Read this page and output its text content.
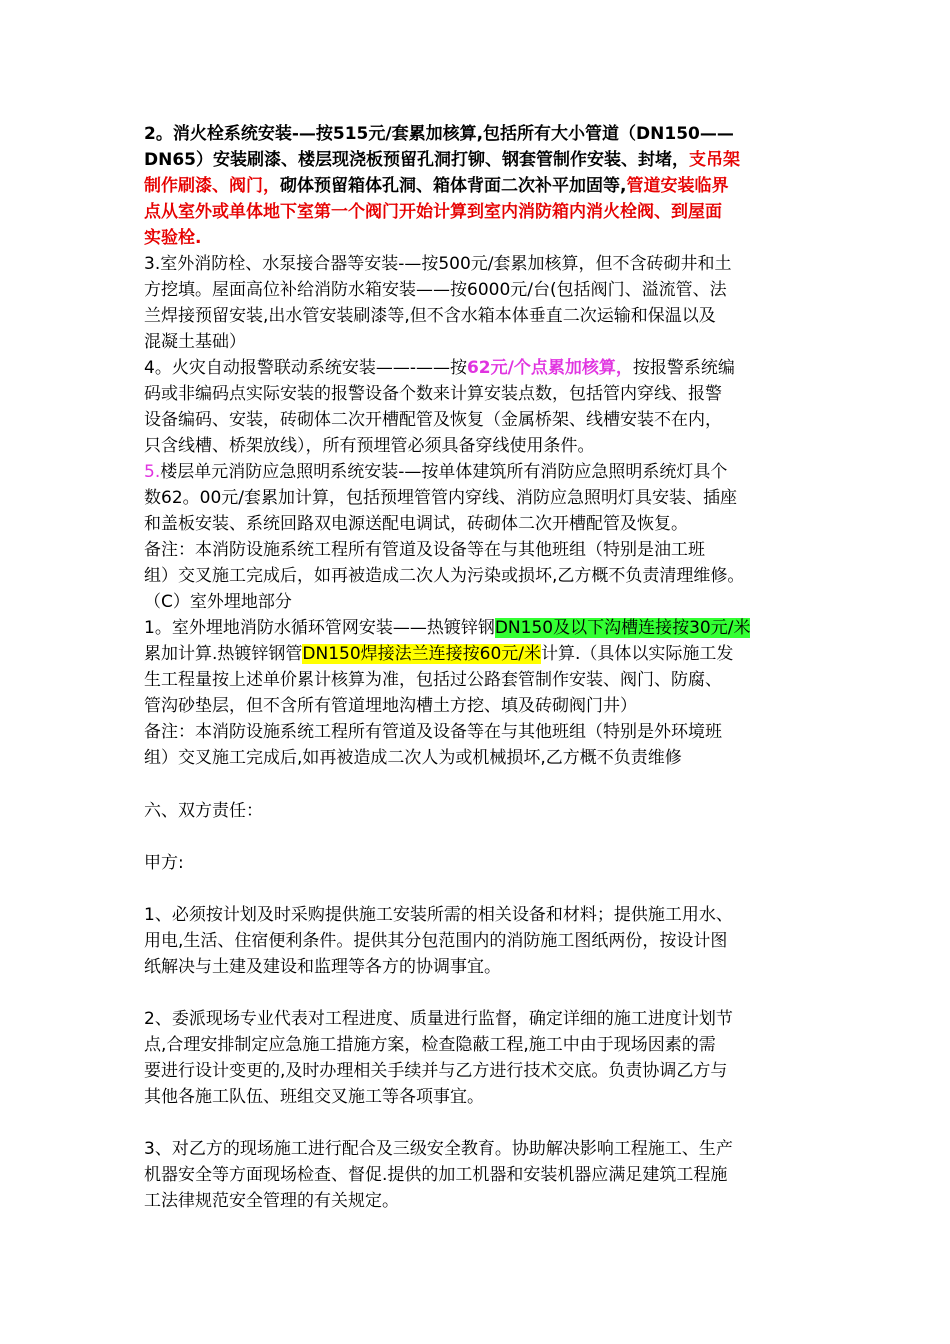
2。消火栓系统安装-—按515元/套累加核算,包括所有大小管道（DN150——
DN65）安装刷漆、楼层现浇板预留孔洞打铆、钢套管制作安装、封堵，支吊架
制作刷漆、阀门，砌体预留箱体孔洞、箱体背面二次补平加固等,管道安装临界
点从室外或单体地下室第一个阀门开始计算到室内消防箱内消火栓阀、到屋面
实验栓.
3.室外消防栓、水泵接合器等安装-—按500元/套累加核算，但不含砖砌井和土
方挖填。屋面高位补给消防水箱安装——按6000元/台(包括阀门、溢流管、法
兰焊接预留安装,出水管安装刷漆等,但不含水箱本体垂直二次运输和保温以及
混凝土基础）
4。火灾自动报警联动系统安装——-——按62元/个点累加核算，按报警系统编
码或非编码点实际安装的报警设备个数来计算安装点数，包括管内穿线、报警
设备编码、安装，砖砌体二次开槽配管及恢复（金属桥架、线槽安装不在内，
只含线槽、桥架放线），所有预埋管必须具备穿线使用条件。
5.楼层单元消防应急照明系统安装-—按单体建筑所有消防应急照明系统灯具个
数62。00元/套累加计算，包括预埋管管内穿线、消防应急照明灯具安装、插座
和盖板安装、系统回路双电源送配电调试，砖砌体二次开槽配管及恢复。
备注：本消防设施系统工程所有管道及设备等在与其他班组（特别是油工班
组）交叉施工完成后，如再被造成二次人为污染或损坏,乙方概不负责清理维修。
（C）室外埋地部分
1。室外埋地消防水循环管网安装——热镀锌钢DN150及以下沟槽连接按30元/米
累加计算.热镀锌钢管DN150焊接法兰连接按60元/米计算.（具体以实际施工发
生工程量按上述单价累计核算为准，包括过公路套管制作安装、阀门、防腐、
管沟砂垫层，但不含所有管道埋地沟槽土方挖、填及砖砌阀门井）
备注：本消防设施系统工程所有管道及设备等在与其他班组（特别是外环境班
组）交叉施工完成后,如再被造成二次人为或机械损坏,乙方概不负责维修
六、双方责任：
甲方:
1、必须按计划及时采购提供施工安装所需的相关设备和材料；提供施工用水、
用电,生活、住宿便利条件。提供其分包范围内的消防施工图纸两份，按设计图
纸解决与土建及建设和监理等各方的协调事宜。
2、委派现场专业代表对工程进度、质量进行监督，确定详细的施工进度计划节
点,合理安排制定应急施工措施方案，检查隐蔽工程,施工中由于现场因素的需
要进行设计变更的,及时办理相关手续并与乙方进行技术交底。负责协调乙方与
其他各施工队伍、班组交叉施工等各项事宜。
3、对乙方的现场施工进行配合及三级安全教育。协助解决影响工程施工、生产
机器安全等方面现场检查、督促.提供的加工机器和安装机器应满足建筑工程施
工法律规范安全管理的有关规定。
